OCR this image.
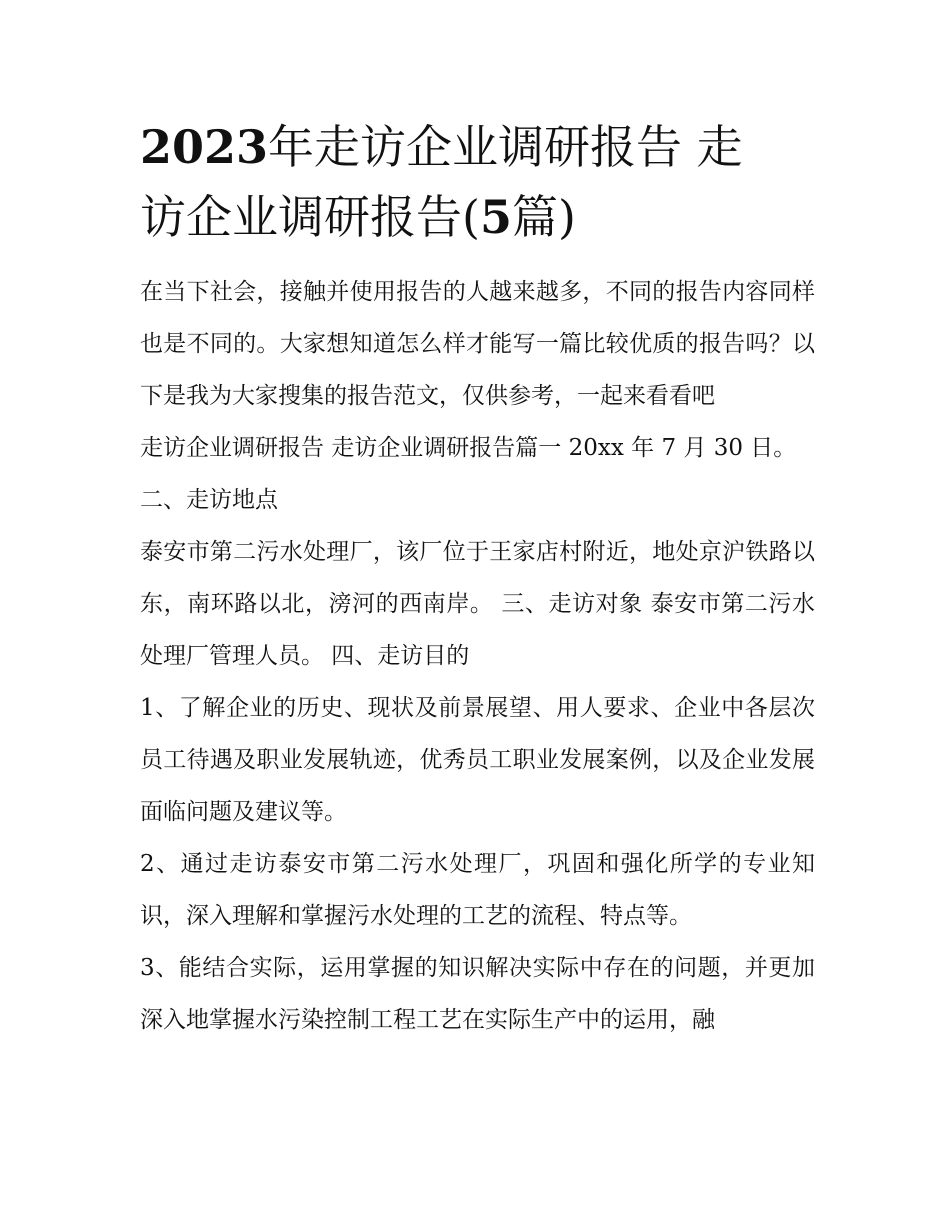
2023年走访企业调研报告 走
访企业调研报告(5篇)

在当下社会，接触并使用报告的人越来越多，不同的报告内容同样也是不同的。大家想知道怎么样才能写一篇比较优质的报告吗？以下是我为大家搜集的报告范文，仅供参考，一起来看看吧

走访企业调研报告 走访企业调研报告篇一 20xx 年 7 月 30 日。

二、走访地点

泰安市第二污水处理厂，该厂位于王家店村附近，地处京沪铁路以东，南环路以北，滂河的西南岸。 三、走访对象 泰安市第二污水处理厂管理人员。 四、走访目的

1、了解企业的历史、现状及前景展望、用人要求、企业中各层次员工待遇及职业发展轨迹，优秀员工职业发展案例，以及企业发展面临问题及建议等。

2、通过走访泰安市第二污水处理厂，巩固和强化所学的专业知识，深入理解和掌握污水处理的工艺的流程、特点等。

3、能结合实际，运用掌握的知识解决实际中存在的问题，并更加深入地掌握水污染控制工程工艺在实际生产中的运用，融
